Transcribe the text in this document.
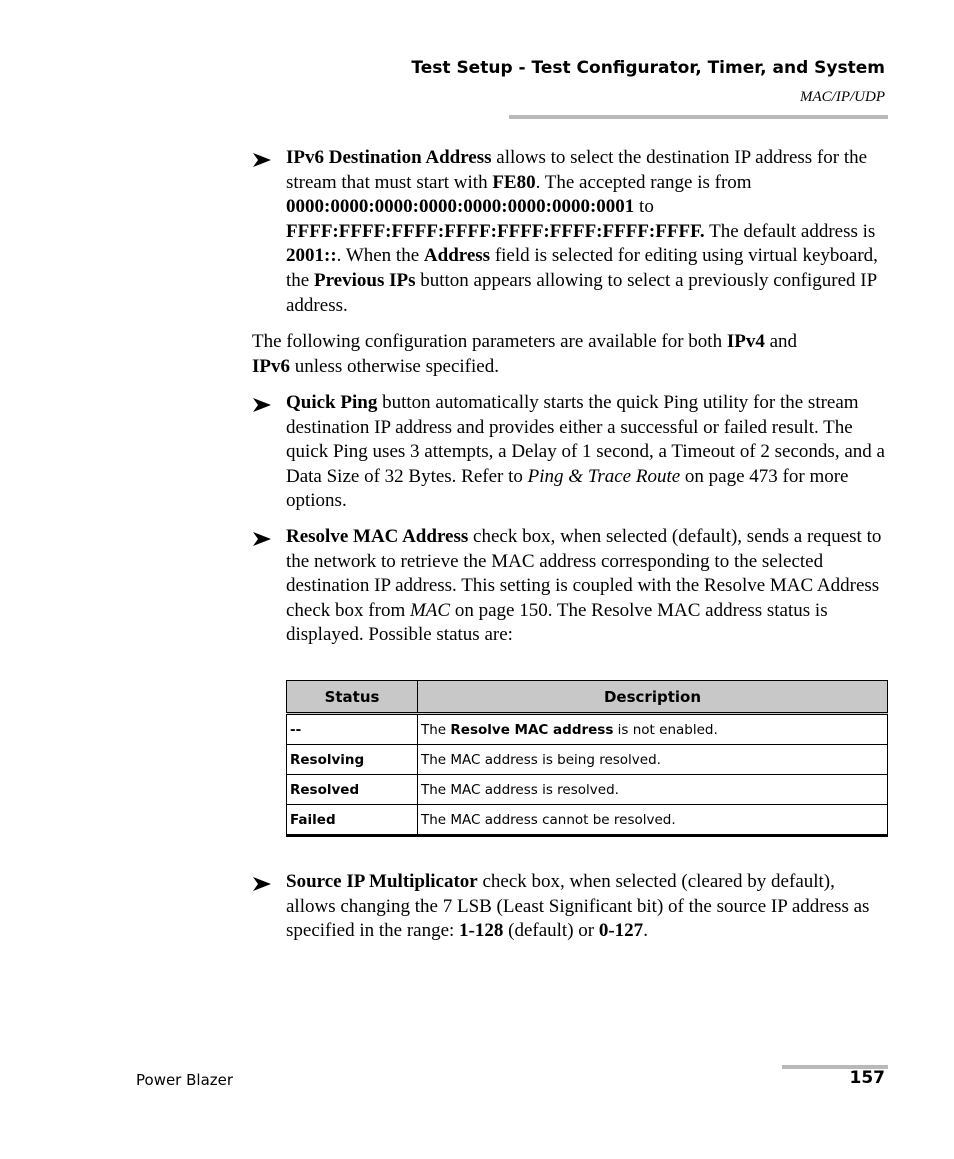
Test Setup - Test Configurator, Timer, and System
MAC/IP/UDP
IPv6 Destination Address allows to select the destination IP address for the stream that must start with FE80. The accepted range is from
0000:0000:0000:0000:0000:0000:0000:0001 to
FFFF:FFFF:FFFF:FFFF:FFFF:FFFF:FFFF:FFFF. The default address is
2001::. When the Address field is selected for editing using virtual keyboard, the Previous IPs button appears allowing to select a previously configured IP address.
The following configuration parameters are available for both IPv4 and
IPv6 unless otherwise specified.
Quick Ping button automatically starts the quick Ping utility for the stream destination IP address and provides either a successful or failed result. The quick Ping uses 3 attempts, a Delay of 1 second, a Timeout of 2 seconds, and a Data Size of 32 Bytes. Refer to Ping & Trace Route on page 473 for more options.
Resolve MAC Address check box, when selected (default), sends a request to the network to retrieve the MAC address corresponding to the selected destination IP address. This setting is coupled with the Resolve MAC Address check box from MAC on page 150. The Resolve MAC address status is displayed. Possible status are:
Status	Description
--	The Resolve MAC address is not enabled.
Resolving	The MAC address is being resolved.
Resolved	The MAC address is resolved.
Failed	The MAC address cannot be resolved.
Source IP Multiplicator check box, when selected (cleared by default), allows changing the 7 LSB (Least Significant bit) of the source IP address as specified in the range: 1-128 (default) or 0-127.
Power Blazer	157
